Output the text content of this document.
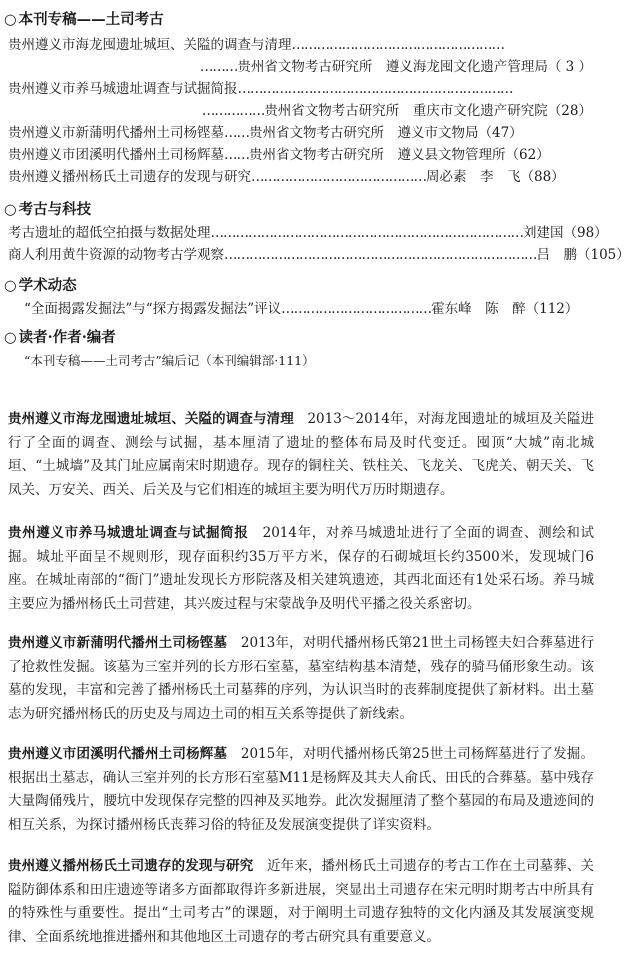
○ 本刊专稿——土司考古
贵州遵义市海龙囤遗址城垣、关隘的调查与清理……………………………………………
………贵州省文物考古研究所　遵义海龙囤文化遗产管理局（ 3 ）
贵州遵义市养马城遗址调查与试掘简报…………………………………………………………
……………贵州省文物考古研究所　重庆市文化遗产研究院（28）
贵州遵义市新蒲明代播州土司杨铿墓……贵州省文物考古研究所　遵义市文物局（47）
贵州遵义市团溪明代播州土司杨辉墓……贵州省文物考古研究所　遵义县文物管理所（62）
贵州遵义播州杨氏土司遗存的发现与研究……………………………………周必素　李　飞（88）
○ 考古与科技
考古遗址的超低空拍摄与数据处理…………………………………………………………………刘建国（98）
商人利用黄牛资源的动物考古学观察…………………………………………………………………吕　鹏（105）
○ 学术动态
“全面揭露发掘法”与“探方揭露发掘法”评议………………………………霍东峰　陈　醉（112）
○ 读者·作者·编者
“本刊专稿——土司考古”编后记（本刊编辑部·111）

贵州遵义市海龙囤遗址城垣、关隘的调查与清理　 2013～2014年，对海龙囤遗址的城垣及关隘进行了全面的调查、测绘与试掘，基本厘清了遗址的整体布局及时代变迁。囤顶“大城”南北城垣、“土城墙”及其门址应属南宋时期遗存。现存的铜柱关、铁柱关、飞龙关、飞虎关、朝天关、飞凤关、万安关、西关、后关及与它们相连的城垣主要为明代万历时期遗存。

贵州遵义市养马城遗址调查与试掘简报　 2014年，对养马城遗址进行了全面的调查、测绘和试掘。城址平面呈不规则形，现存面积约35万平方米，保存的石砌城垣长约3500米，发现城门6座。在城址南部的“衙门”遗址发现长方形院落及相关建筑遗迹，其西北面还有1处采石场。养马城主要应为播州杨氏土司营建，其兴废过程与宋蒙战争及明代平播之役关系密切。

贵州遵义市新蒲明代播州土司杨铿墓　 2013年，对明代播州杨氏第21世土司杨铿夫妇合葬墓进行了抢救性发掘。该墓为三室并列的长方形石室墓，墓室结构基本清楚，残存的骑马俑形象生动。该墓的发现，丰富和完善了播州杨氏土司墓葬的序列，为认识当时的丧葬制度提供了新材料。出土墓志为研究播州杨氏的历史及与周边土司的相互关系等提供了新线索。

贵州遵义市团溪明代播州土司杨辉墓　 2015年，对明代播州杨氏第25世土司杨辉墓进行了发掘。根据出土墓志，确认三室并列的长方形石室墓M11是杨辉及其夫人俞氏、田氏的合葬墓。墓中残存大量陶俑残片，腰坑中发现保存完整的四神及买地券。此次发掘厘清了整个墓园的布局及遗迹间的相互关系，为探讨播州杨氏丧葬习俗的特征及发展演变提供了详实资料。

贵州遵义播州杨氏土司遗存的发现与研究　 近年来，播州杨氏土司遗存的考古工作在土司墓葬、关隘防御体系和田庄遗迹等诸多方面都取得许多新进展，突显出土司遗存在宋元明时期考古中所具有的特殊性与重要性。提出“土司考古”的课题，对于阐明土司遗存独特的文化内涵及其发展演变规律、全面系统地推进播州和其他地区土司遗存的考古研究具有重要意义。
